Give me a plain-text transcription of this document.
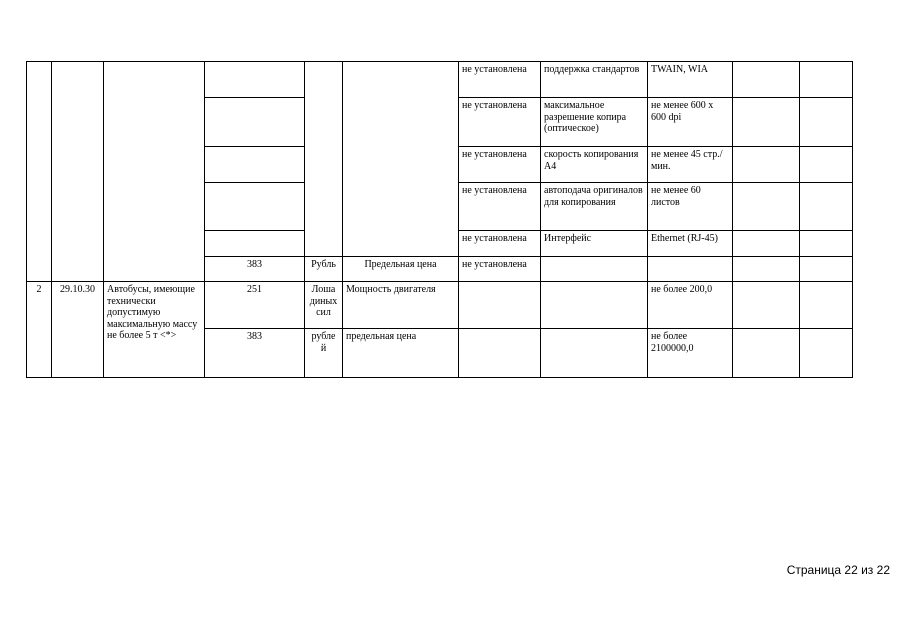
						не установлена	поддержка стандартов	TWAIN, WIA		
						не установлена	максимальное разрешение копира (оптическое)	не менее 600 x 600 dpi		
						не установлена	скорость копирования А4	не менее 45 стр./мин.		
						не установлена	автоподача оригиналов для копирования	не менее 60 листов		
						не установлена	Интерфейс	Ethernet (RJ-45)		
			383	Рубль	Предельная цена	не установлена				
2	29.10.30	Автобусы, имеющие технически допустимую максимальную массу не более 5 т <*>	251	Лоша диных сил	Мощность двигателя			не более 200,0		
			383	рубле й	предельная цена			не более 2100000,0		
Страница 22 из 22
